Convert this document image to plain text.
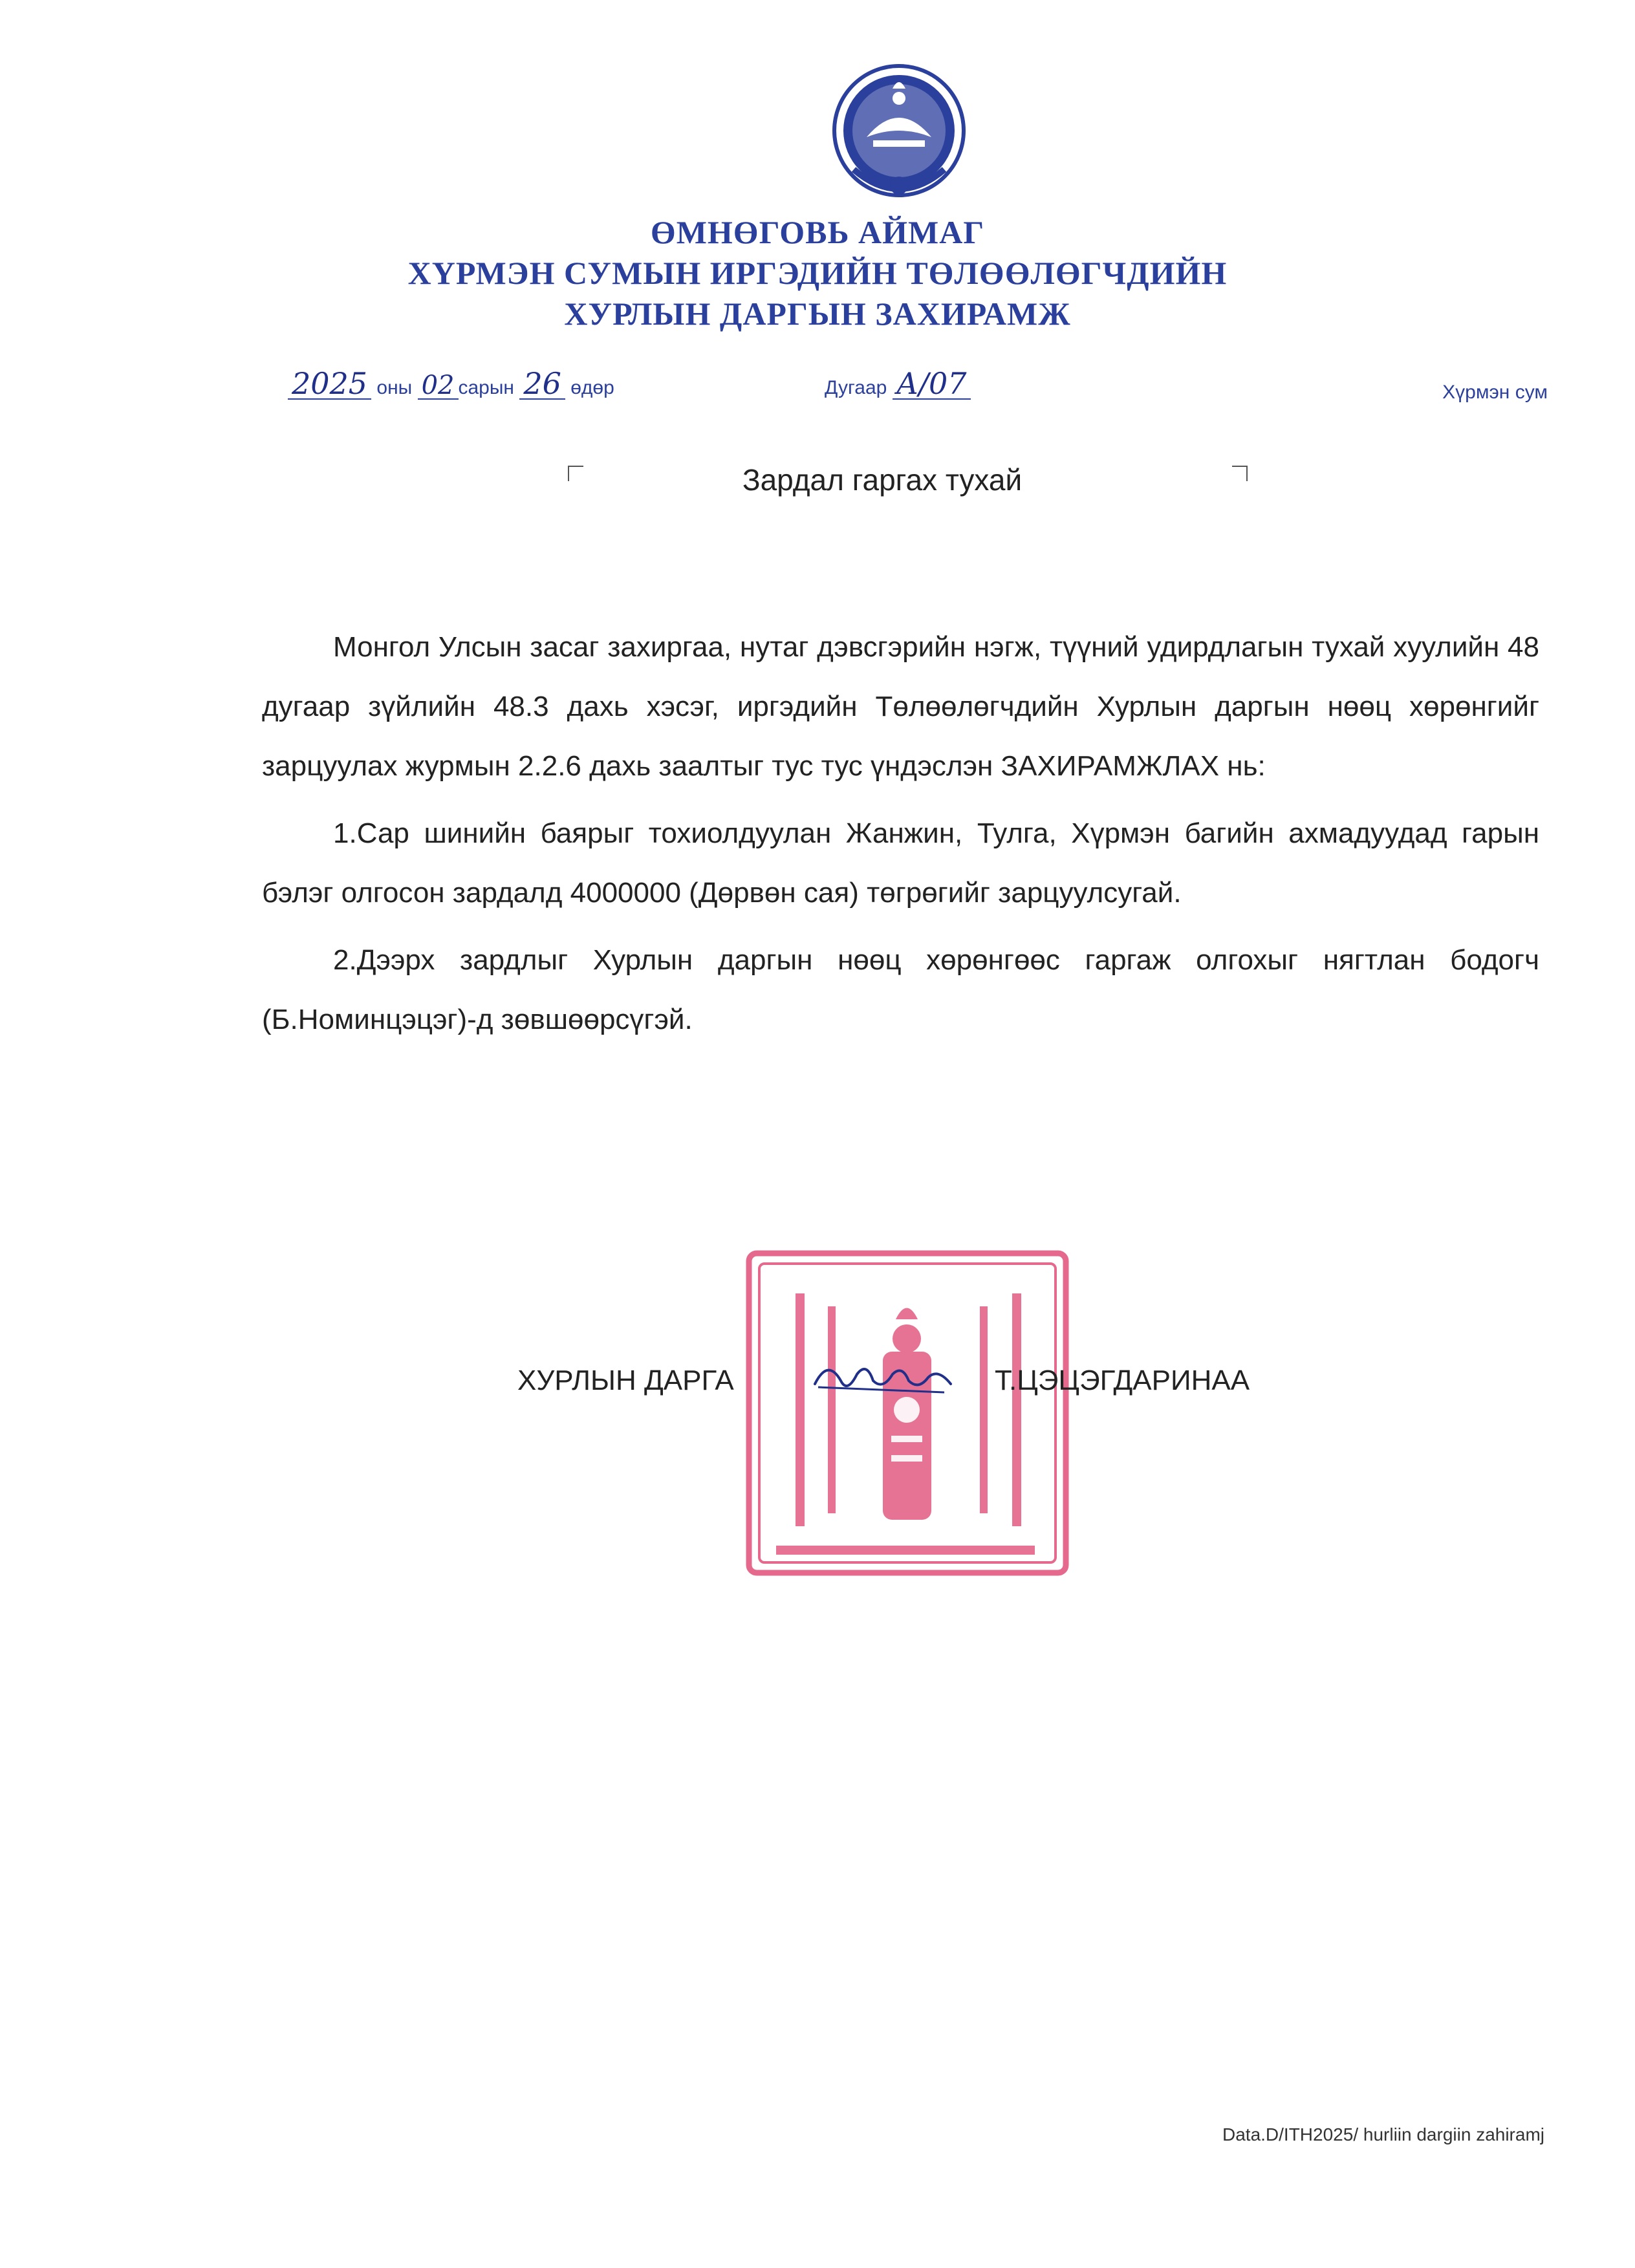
ӨМНӨГОВЬ АЙМАГ
ХҮРМЭН СУМЫН ИРГЭДИЙН ТӨЛӨӨЛӨГЧДИЙН
ХУРЛЫН ДАРГЫН ЗАХИРАМЖ
2025 оны 02 сарын 26 өдөр	Дугаар А/07	Хүрмэн сум
Зардал гаргах тухай

Монгол Улсын засаг захиргаа, нутаг дэвсгэрийн нэгж, түүний удирдлагын тухай хуулийн 48 дугаар зүйлийн 48.3 дахь хэсэг, иргэдийн Төлөөлөгчдийн Хурлын даргын нөөц хөрөнгийг зарцуулах журмын 2.2.6 дахь заалтыг тус тус үндэслэн ЗАХИРАМЖЛАХ нь:

1.Сар шинийн баярыг тохиолдуулан Жанжин, Тулга, Хүрмэн багийн ахмадуудад гарын бэлэг олгосон зардалд 4000000 (Дөрвөн сая) төгрөгийг зарцуулсугай.

2.Дээрх зардлыг Хурлын даргын нөөц хөрөнгөөс гаргаж олгохыг нягтлан бодогч (Б.Номинцэцэг)-д зөвшөөрсүгэй.

ХУРЛЫН ДАРГА	Т.ЦЭЦЭГДАРИНАА
Data.D/ITH2025/ hurliin dargiin zahiramj
